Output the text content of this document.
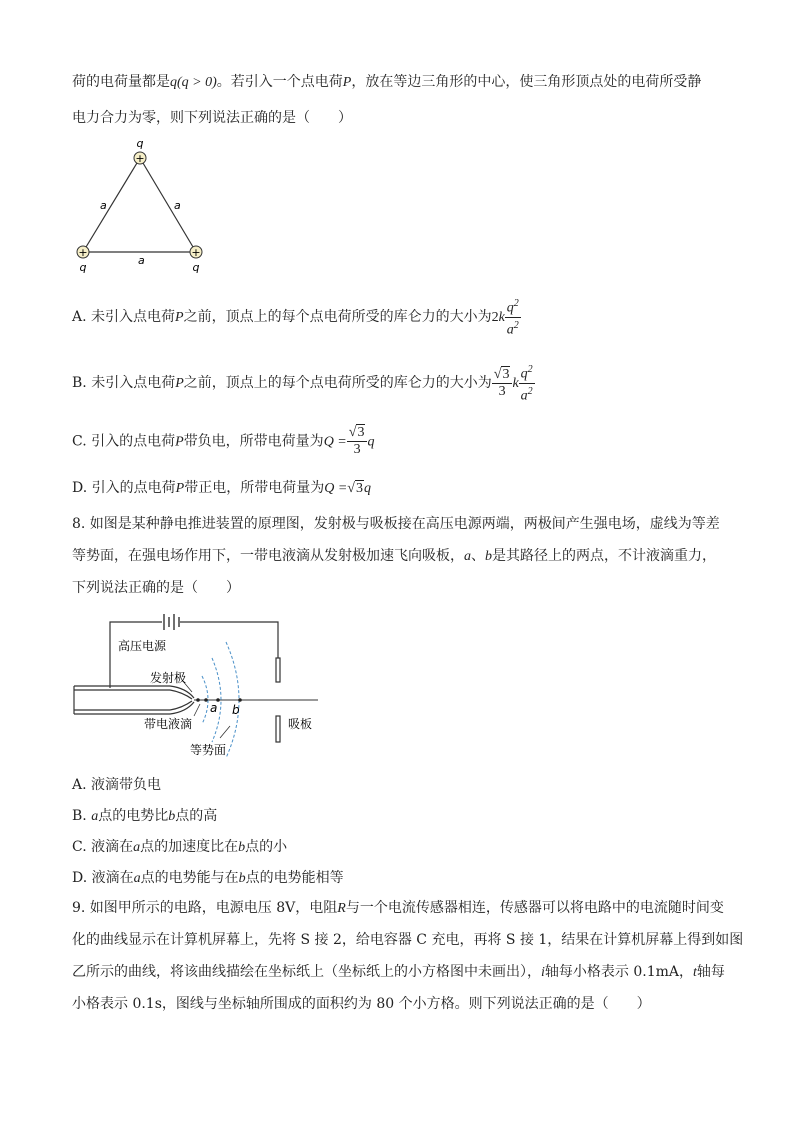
荷的电荷量都是q(q > 0)。若引入一个点电荷P，放在等边三角形的中心，使三角形顶点处的电荷所受静
电力合力为零，则下列说法正确的是（　　）
+
q
+
q
+
q
a	a
a
A. 未引入点电荷P之前，顶点上的每个点电荷所受的库仑力的大小为$2k \frac{q^2}{a^2}$
B. 未引入点电荷P之前，顶点上的每个点电荷所受的库仑力的大小为 $\frac{√3}{3}$ k $\frac{q^2}{a^2}$
C. 引入的点电荷P带负电，所带电荷量为$Q = \frac{√3}{3}$ q
D. 引入的点电荷P带正电，所带电荷量为Q =√3q
8. 如图是某种静电推进装置的原理图，发射极与吸板接在高压电源两端，两极间产生强电场，虚线为等差
等势面，在强电场作用下，一带电液滴从发射极加速飞向吸板，a、b是其路径上的两点，不计液滴重力，
下列说法正确的是（　　）
高压电源
a b
吸板
发射极
带电液滴
等势面
A. 液滴带负电
B. a点的电势比b点的高
C. 液滴在a点的加速度比在b点的小
D. 液滴在a点的电势能与在b点的电势能相等
9. 如图甲所示的电路，电源电压 8V，电阻R与一个电流传感器相连，传感器可以将电路中的电流随时间变
化的曲线显示在计算机屏幕上，先将 S 接 2，给电容器 C 充电，再将 S 接 1，结果在计算机屏幕上得到如图
乙所示的曲线，将该曲线描绘在坐标纸上（坐标纸上的小方格图中未画出），i轴每小格表示 0.1mA，t轴每
小格表示 0.1s，图线与坐标轴所围成的面积约为 80 个小方格。则下列说法正确的是（　　）
